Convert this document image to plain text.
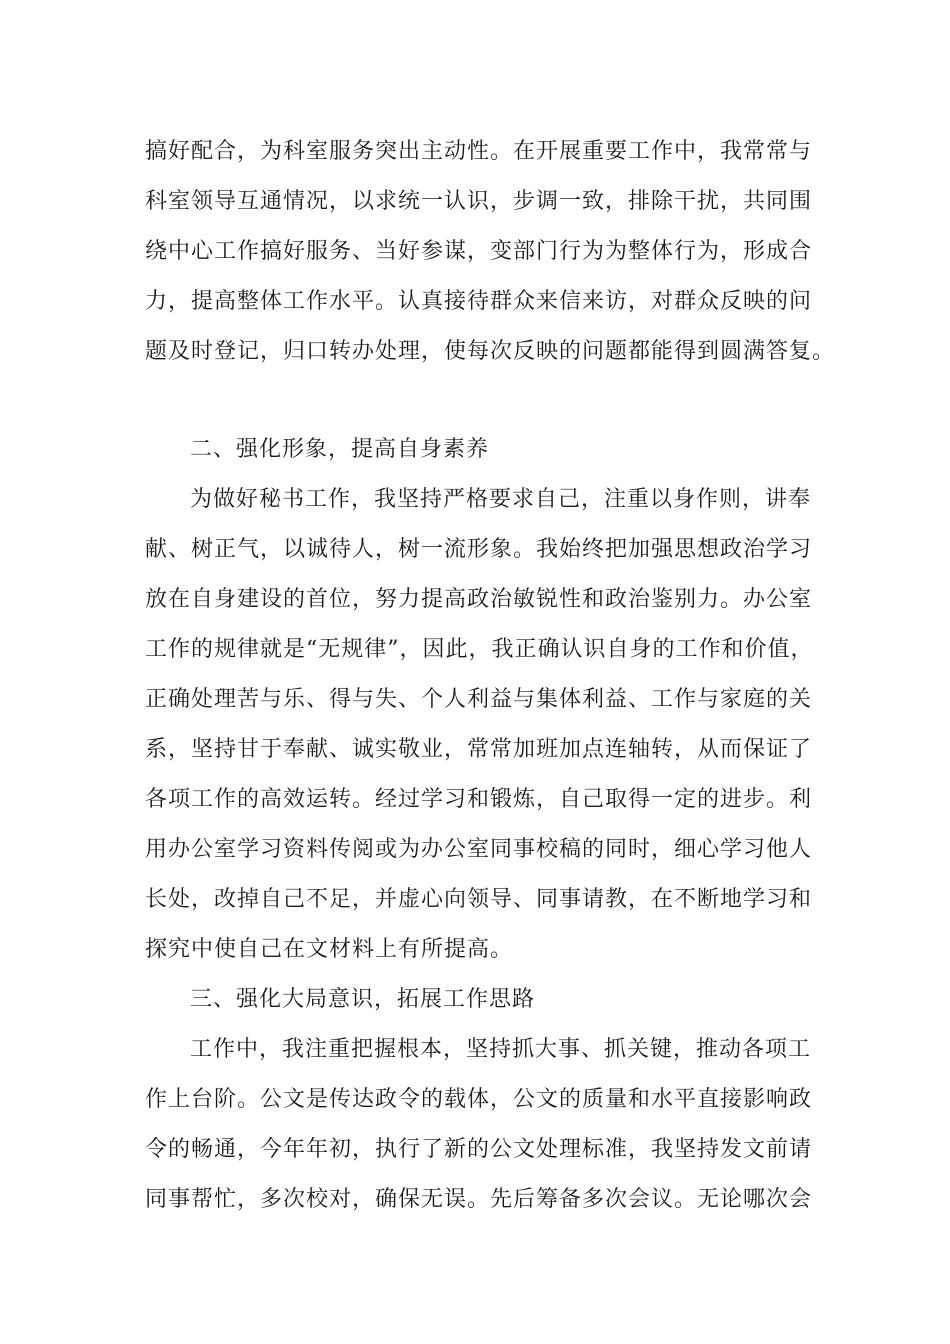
搞好配合，为科室服务突出主动性。在开展重要工作中，我常常与
科室领导互通情况，以求统一认识，步调一致，排除干扰，共同围
绕中心工作搞好服务、当好参谋，变部门行为为整体行为，形成合
力，提高整体工作水平。认真接待群众来信来访，对群众反映的问
题及时登记，归口转办处理，使每次反映的问题都能得到圆满答复。
二、强化形象，提高自身素养
为做好秘书工作，我坚持严格要求自己，注重以身作则，讲奉
献、树正气，以诚待人，树一流形象。我始终把加强思想政治学习
放在自身建设的首位，努力提高政治敏锐性和政治鉴别力。办公室
工作的规律就是“无规律”，因此，我正确认识自身的工作和价值，
正确处理苦与乐、得与失、个人利益与集体利益、工作与家庭的关
系，坚持甘于奉献、诚实敬业，常常加班加点连轴转，从而保证了
各项工作的高效运转。经过学习和锻炼，自己取得一定的进步。利
用办公室学习资料传阅或为办公室同事校稿的同时，细心学习他人
长处，改掉自己不足，并虚心向领导、同事请教，在不断地学习和
探究中使自己在文材料上有所提高。
三、强化大局意识，拓展工作思路
工作中，我注重把握根本，坚持抓大事、抓关键，推动各项工
作上台阶。公文是传达政令的载体，公文的质量和水平直接影响政
令的畅通，今年年初，执行了新的公文处理标准，我坚持发文前请
同事帮忙，多次校对，确保无误。先后筹备多次会议。无论哪次会
